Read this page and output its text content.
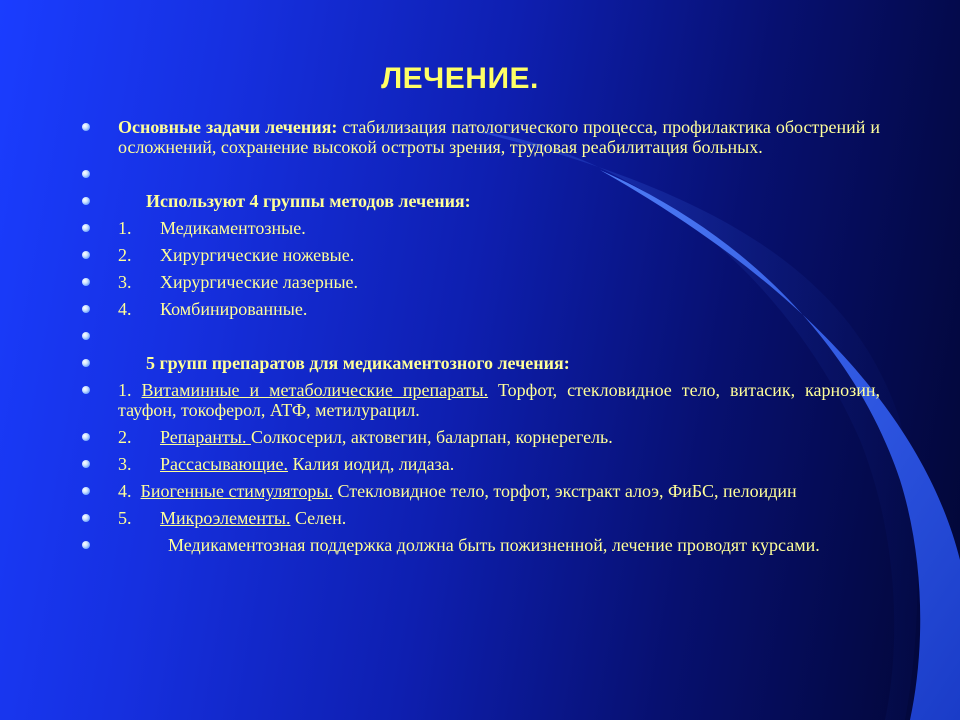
ЛЕЧЕНИЕ.
Основные задачи лечения: стабилизация патологического процесса, профилактика обострений и осложнений, сохранение высокой остроты зрения, трудовая реабилитация больных.
Используют 4 группы методов лечения:
1. Медикаментозные.
2. Хирургические ножевые.
3. Хирургические лазерные.
4. Комбинированные.
5 групп препаратов для медикаментозного лечения:
1. Витаминные и метаболические препараты. Торфот, стекловидное тело, витасик, карнозин, тауфон, токоферол, АТФ, метилурацил.
2. Репаранты. Солкосерил, актовегин, баларпан, корнерегель.
3. Рассасывающие. Калия иодид, лидаза.
4. Биогенные стимуляторы. Стекловидное тело, торфот, экстракт алоэ, ФиБС, пелоидин
5. Микроэлементы. Селен.
Медикаментозная поддержка должна быть пожизненной, лечение проводят курсами.
